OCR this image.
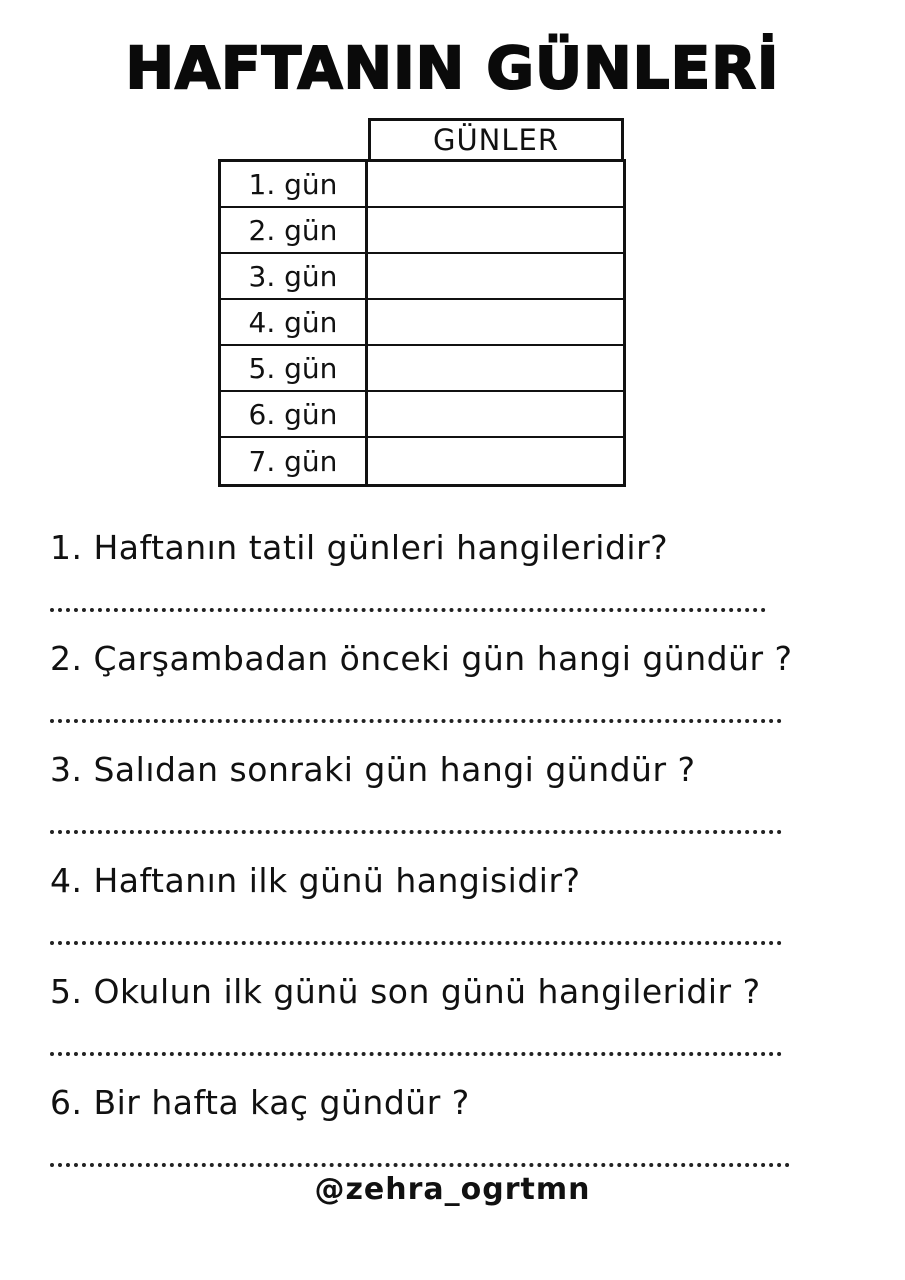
HAFTANIN GÜNLERİ
GÜNLER
1. gün
2. gün
3. gün
4. gün
5. gün
6. gün
7. gün
1. Haftanın tatil günleri hangileridir?
2. Çarşambadan önceki gün hangi gündür ?
3. Salıdan sonraki gün hangi gündür ?
4. Haftanın ilk günü hangisidir?
5. Okulun ilk günü son günü hangileridir ?
6. Bir hafta kaç gündür ?
@zehra_ogrtmn
